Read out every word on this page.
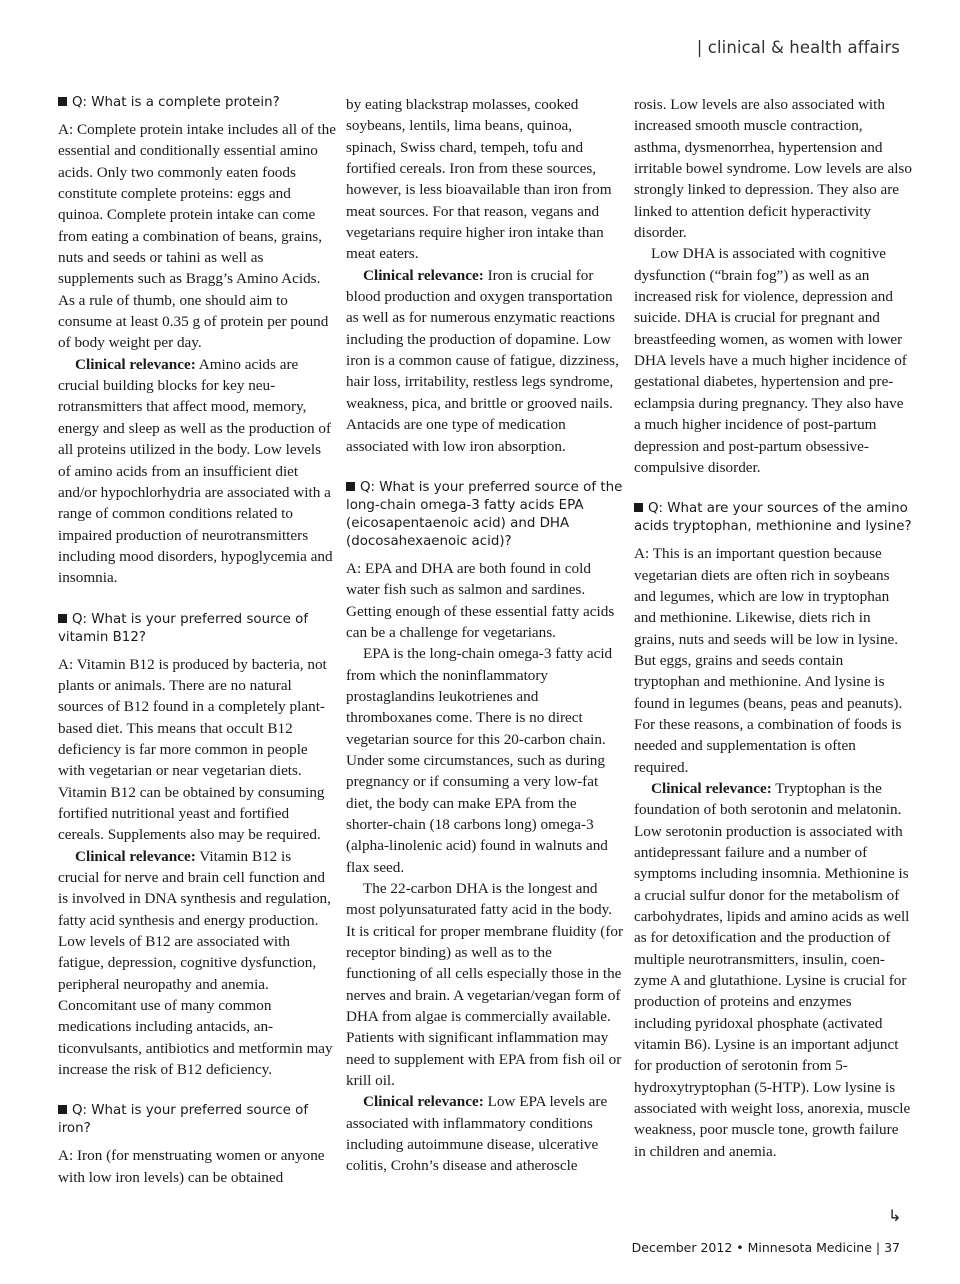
| clinical & health affairs
Q: What is a complete protein?

A: Complete protein intake includes all of the essential and conditionally essential amino acids. Only two commonly eaten foods constitute complete proteins: eggs and quinoa. Complete protein intake can come from eating a combination of beans, grains, nuts and seeds or tahini as well as supplements such as Bragg’s Amino Acids. As a rule of thumb, one should aim to consume at least 0.35 g of protein per pound of body weight per day.

Clinical relevance: Amino acids are crucial building blocks for key neurotransmitters that affect mood, memory, energy and sleep as well as the production of all proteins utilized in the body. Low levels of amino acids from an insufficient diet and/or hypochlorhydria are associated with a range of common conditions related to impaired production of neurotransmitters including mood disorders, hypoglycemia and insomnia.

Q: What is your preferred source of vitamin B12?

A: Vitamin B12 is produced by bacteria, not plants or animals. There are no natural sources of B12 found in a completely plant-based diet. This means that occult B12 deficiency is far more common in people with vegetarian or near vegetarian diets. Vitamin B12 can be obtained by consuming fortified nutritional yeast and fortified cereals. Supplements also may be required.

Clinical relevance: Vitamin B12 is crucial for nerve and brain cell function and is involved in DNA synthesis and regulation, fatty acid synthesis and energy production. Low levels of B12 are associated with fatigue, depression, cognitive dysfunction, peripheral neuropathy and anemia. Concomitant use of many common medications including antacids, anticonvulsants, antibiotics and metformin may increase the risk of B12 deficiency.

Q: What is your preferred source of iron?

A: Iron (for menstruating women or anyone with low iron levels) can be obtained

by eating blackstrap molasses, cooked soybeans, lentils, lima beans, quinoa, spinach, Swiss chard, tempeh, tofu and fortified cereals. Iron from these sources, however, is less bioavailable than iron from meat sources. For that reason, vegans and vegetarians require higher iron intake than meat eaters.

Clinical relevance: Iron is crucial for blood production and oxygen transportation as well as for numerous enzymatic reactions including the production of dopamine. Low iron is a common cause of fatigue, dizziness, hair loss, irritability, restless legs syndrome, weakness, pica, and brittle or grooved nails. Antacids are one type of medication associated with low iron absorption.

Q: What is your preferred source of the long-chain omega-3 fatty acids EPA (eicosapentaenoic acid) and DHA (docosahexaenoic acid)?

A: EPA and DHA are both found in cold water fish such as salmon and sardines. Getting enough of these essential fatty acids can be a challenge for vegetarians.

EPA is the long-chain omega-3 fatty acid from which the noninflammatory prostaglandins leukotrienes and thromboxanes come. There is no direct vegetarian source for this 20-carbon chain. Under some circumstances, such as during pregnancy or if consuming a very low-fat diet, the body can make EPA from the shorter-chain (18 carbons long) omega-3 (alpha-linolenic acid) found in walnuts and flax seed.

The 22-carbon DHA is the longest and most polyunsaturated fatty acid in the body. It is critical for proper membrane fluidity (for receptor binding) as well as to the functioning of all cells especially those in the nerves and brain. A vegetarian/vegan form of DHA from algae is commercially available. Patients with significant inflammation may need to supplement with EPA from fish oil or krill oil.

Clinical relevance: Low EPA levels are associated with inflammatory conditions including autoimmune disease, ulcerative colitis, Crohn’s disease and atheroscle

rosis. Low levels are also associated with increased smooth muscle contraction, asthma, dysmenorrhea, hypertension and irritable bowel syndrome. Low levels are also strongly linked to depression. They also are linked to attention deficit hyperactivity disorder.

Low DHA is associated with cognitive dysfunction (“brain fog”) as well as an increased risk for violence, depression and suicide. DHA is crucial for pregnant and breastfeeding women, as women with lower DHA levels have a much higher incidence of gestational diabetes, hypertension and pre-eclampsia during pregnancy. They also have a much higher incidence of post-partum depression and post-partum obsessive-compulsive disorder.

Q: What are your sources of the amino acids tryptophan, methionine and lysine?

A: This is an important question because vegetarian diets are often rich in soybeans and legumes, which are low in tryptophan and methionine. Likewise, diets rich in grains, nuts and seeds will be low in lysine. But eggs, grains and seeds contain tryptophan and methionine. And lysine is found in legumes (beans, peas and peanuts). For these reasons, a combination of foods is needed and supplementation is often required.

Clinical relevance: Tryptophan is the foundation of both serotonin and melatonin. Low serotonin production is associated with antidepressant failure and a number of symptoms including insomnia. Methionine is a crucial sulfur donor for the metabolism of carbohydrates, lipids and amino acids as well as for detoxification and the production of multiple neurotransmitters, insulin, coenzyme A and glutathione. Lysine is crucial for production of proteins and enzymes including pyridoxal phosphate (activated vitamin B6). Lysine is an important adjunct for production of serotonin from 5-hydroxytryptophan (5-HTP). Low lysine is associated with weight loss, anorexia, muscle weakness, poor muscle tone, growth failure in children and anemia.

↳
December 2012 • Minnesota Medicine | 37
